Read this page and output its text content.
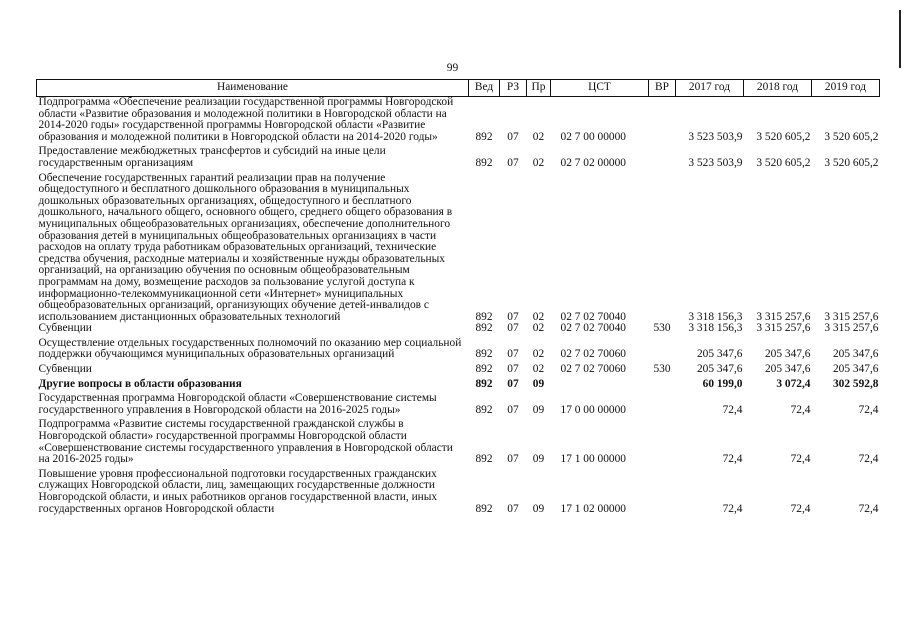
99
Наименование	Вед	РЗ	Пр	ЦСТ	ВР	2017 год	2018 год	2019 год
Подпрограмма «Обеспечение реализации государственной программы Новгородской области «Развитие образования и молодежной политики в Новгородской области на 2014-2020 годы» государственной программы Новгородской области «Развитие образования и молодежной политики в Новгородской области на 2014-2020 годы»	892	07	02	02 7 00 00000		3 523 503,9	3 520 605,2	3 520 605,2
Предоставление межбюджетных трансфертов и субсидий на иные цели государственным организациям	892	07	02	02 7 02 00000		3 523 503,9	3 520 605,2	3 520 605,2
Обеспечение государственных гарантий реализации прав на получение общедоступного и бесплатного дошкольного образования в муниципальных дошкольных образовательных организациях, общедоступного и бесплатного дошкольного, начального общего, основного общего, среднего общего образования в муниципальных общеобразовательных организациях, обеспечение дополнительного образования детей в муниципальных общеобразовательных организациях в части расходов на оплату труда работникам образовательных организаций, технические средства обучения, расходные материалы и хозяйственные нужды образовательных организаций, на организацию обучения по основным общеобразовательным программам на дому, возмещение расходов за пользование услугой доступа к информационно-телекоммуникационной сети «Интернет» муниципальных общеобразовательных организаций, организующих обучение детей-инвалидов с использованием дистанционных образовательных технологий	892	07	02	02 7 02 70040		3 318 156,3	3 315 257,6	3 315 257,6
Субвенции	892	07	02	02 7 02 70040	530	3 318 156,3	3 315 257,6	3 315 257,6
Осуществление отдельных государственных полномочий по оказанию мер социальной поддержки обучающимся муниципальных образовательных организаций	892	07	02	02 7 02 70060		205 347,6	205 347,6	205 347,6
Субвенции	892	07	02	02 7 02 70060	530	205 347,6	205 347,6	205 347,6
Другие вопросы в области образования	892	07	09			60 199,0	3 072,4	302 592,8
Государственная программа Новгородской области «Совершенствование системы государственного управления в Новгородской области на 2016-2025 годы»	892	07	09	17 0 00 00000		72,4	72,4	72,4
Подпрограмма «Развитие системы государственной гражданской службы в Новгородской области» государственной программы Новгородской области «Совершенствование системы государственного управления в Новгородской области на 2016-2025 годы»	892	07	09	17 1 00 00000		72,4	72,4	72,4
Повышение уровня профессиональной подготовки государственных гражданских служащих Новгородской области, лиц, замещающих государственные должности Новгородской области, и иных работников органов государственной власти, иных государственных органов Новгородской области	892	07	09	17 1 02 00000		72,4	72,4	72,4
